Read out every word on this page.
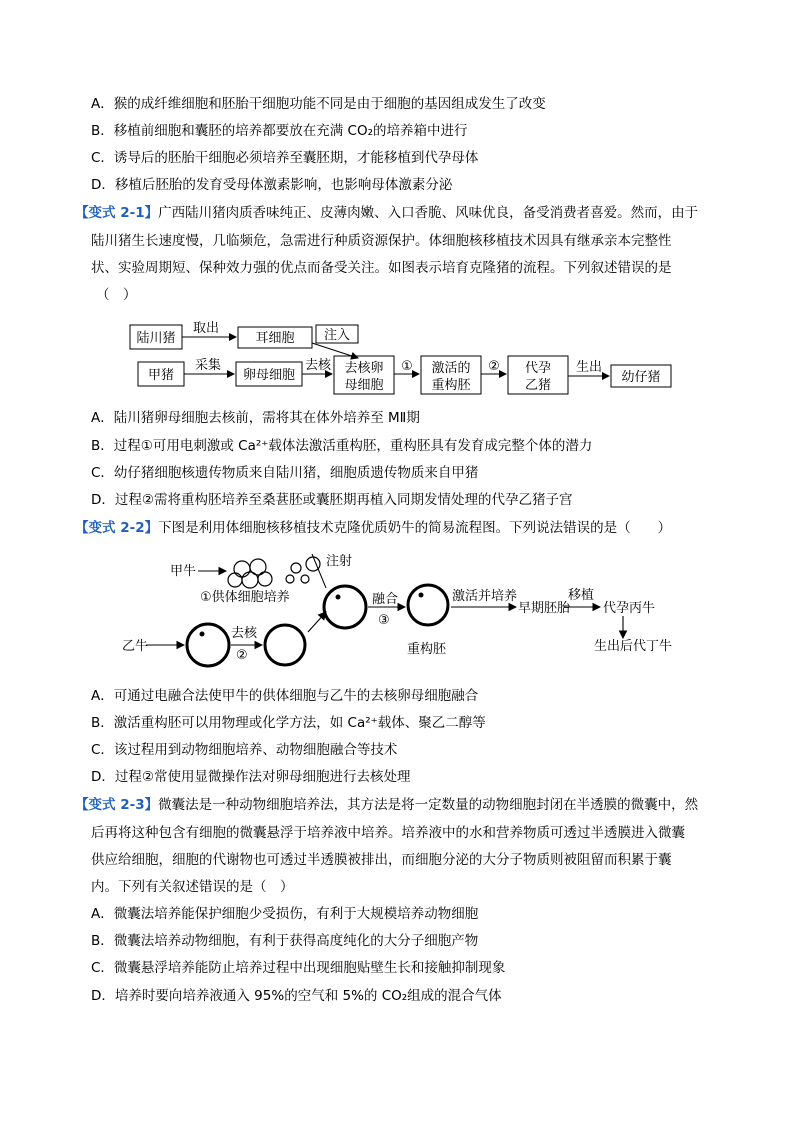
A．猴的成纤维细胞和胚胎干细胞功能不同是由于细胞的基因组成发生了改变
B．移植前细胞和囊胚的培养都要放在充满 CO₂的培养箱中进行
C．诱导后的胚胎干细胞必须培养至囊胚期，才能移植到代孕母体
D．移植后胚胎的发育受母体激素影响，也影响母体激素分泌
【变式 2-1】广西陆川猪肉质香味纯正、皮薄肉嫩、入口香脆、风味优良，备受消费者喜爱。然而，由于
陆川猪生长速度慢，几临频危，急需进行种质资源保护。体细胞核移植技术因具有继承亲本完整性
状、实验周期短、保种效力强的优点而备受关注。如图表示培育克隆猪的流程。下列叙述错误的是
（　）
陆川猪
取出
耳细胞 注入
甲猪
采集
卵母细胞
去核 去核卵
母细胞
① 激活的
重构胚
② 代孕
乙猪
生出
幼仔猪
A．陆川猪卵母细胞去核前，需将其在体外培养至 MⅡ期
B．过程①可用电刺激或 Ca²⁺载体法激活重构胚，重构胚具有发育成完整个体的潜力
C．幼仔猪细胞核遗传物质来自陆川猪，细胞质遗传物质来自甲猪
D．过程②需将重构胚培养至桑葚胚或囊胚期再植入同期发情处理的代孕乙猪子宫
【变式 2-2】下图是利用体细胞核移植技术克隆优质奶牛的简易流程图。下列说法错误的是（　　）
甲牛
注射
①供体细胞培养	融合
③
激活并培养
早期胚胎
移植
代孕丙牛
乙牛
去核
②	重构胚	生出后代丁牛
A．可通过电融合法使甲牛的供体细胞与乙牛的去核卵母细胞融合
B．激活重构胚可以用物理或化学方法，如 Ca²⁺载体、聚乙二醇等
C．该过程用到动物细胞培养、动物细胞融合等技术
D．过程②常使用显微操作法对卵母细胞进行去核处理
【变式 2-3】微囊法是一种动物细胞培养法，其方法是将一定数量的动物细胞封闭在半透膜的微囊中，然
后再将这种包含有细胞的微囊悬浮于培养液中培养。培养液中的水和营养物质可透过半透膜进入微囊
供应给细胞，细胞的代谢物也可透过半透膜被排出，而细胞分泌的大分子物质则被阻留而积累于囊
内。下列有关叙述错误的是（　）
A．微囊法培养能保护细胞少受损伤，有利于大规模培养动物细胞
B．微囊法培养动物细胞，有利于获得高度纯化的大分子细胞产物
C．微囊悬浮培养能防止培养过程中出现细胞贴壁生长和接触抑制现象
D．培养时要向培养液通入 95%的空气和 5%的 CO₂组成的混合气体
